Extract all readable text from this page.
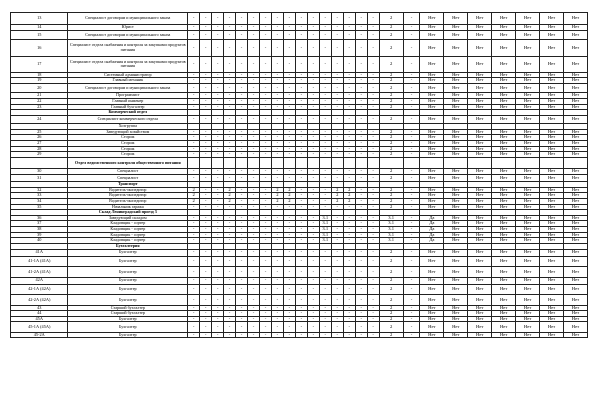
13	Специалист договорам и муниципального заказа	-	-	-	-	-	-	-	-	-	-	-	-	-	-	-	-	2	-	Нет	Нет	Нет	Нет	Нет	Нет	Нет
14	Юрист	-	-	-	-	-	-	-	-	-	-	-	-	-	-	-	-	2	-	Нет	Нет	Нет	Нет	Нет	Нет	Нет
15	Специалист договорам и муниципального заказа	-	-	-	-	-	-	-	-	-	-	-	-	-	-	-	-	2	-	Нет	Нет	Нет	Нет	Нет	Нет	Нет
16	Специалист отдела снабжения и контроля за закупками продуктов питания	-	-	-	-	-	-	-	-	-	-	-	-	-	-	-	-	2	-	Нет	Нет	Нет	Нет	Нет	Нет	Нет
17	Специалист отдела снабжения и контроля за закупками продуктов питания	-	-	-	-	-	-	-	-	-	-	-	-	-	-	-	-	2	-	Нет	Нет	Нет	Нет	Нет	Нет	Нет
18	Системный администратор	-	-	-	-	-	-	-	-	-	-	-	-	-	-	-	-	2	-	Нет	Нет	Нет	Нет	Нет	Нет	Нет
19	Главный механик	-	-	-	-	-	-	-	-	-	-	-	-	-	-	-	-	2	-	Нет	Нет	Нет	Нет	Нет	Нет	Нет
20	Специалист договорам и муниципального заказа	-	-	-	-	-	-	-	-	-	-	-	-	-	-	-	-	2	-	Нет	Нет	Нет	Нет	Нет	Нет	Нет
21	Программист	-	-	-	-	-	-	-	-	-	-	-	-	-	-	-	-	2	-	Нет	Нет	Нет	Нет	Нет	Нет	Нет
22	Главный инженер	-	-	-	-	-	-	-	-	-	-	-	-	-	-	-	-	2	-	Нет	Нет	Нет	Нет	Нет	Нет	Нет
23	Главный бухгалтер	-	-	-	-	-	-	-	-	-	-	-	-	-	-	-	-	2	-	Нет	Нет	Нет	Нет	Нет	Нет	Нет
	Коммерческий отдел																									
24	Специалист коммерческого отдела	-	-	-	-	-	-	-	-	-	-	-	-	-	-	-	-	2	-	Нет	Нет	Нет	Нет	Нет	Нет	Нет
	Хозгруппа																									
25	Заведующий хозяйством	-	-	-	-	-	-	-	-	-	-	-	-	-	-	-	-	2	-	Нет	Нет	Нет	Нет	Нет	Нет	Нет
26	Сторож	-	-	-	-	-	-	-	-	-	-	-	-	-	-	-	-	2	-	Нет	Нет	Нет	Нет	Нет	Нет	Нет
27	Сторож	-	-	-	-	-	-	-	-	-	-	-	-	-	-	-	-	2	-	Нет	Нет	Нет	Нет	Нет	Нет	Нет
28	Сторож	-	-	-	-	-	-	-	-	-	-	-	-	-	-	-	-	2	-	Нет	Нет	Нет	Нет	Нет	Нет	Нет
29	Сторож	-	-	-	-	-	-	-	-	-	-	-	-	-	-	-	-	2	-	Нет	Нет	Нет	Нет	Нет	Нет	Нет
	Отдел ведомственного контроля общественного питания																									
30	Специалист	-	-	-	-	-	-	-	-	-	-	-	-	-	-	-	-	2	-	Нет	Нет	Нет	Нет	Нет	Нет	Нет
31	Специалист	-	-	-	-	-	-	-	-	-	-	-	-	-	-	-	-	2	-	Нет	Нет	Нет	Нет	Нет	Нет	Нет
	Транспорт																									
32	Водитель-экспедитор	2	-	-	2	-	-	-	2	2	-	-	-	2	2	-	-	2	-	Нет	Нет	Нет	Нет	Нет	Нет	Нет
33	Водитель-экспедитор	2	-	-	2	-	-	-	2	2	-	-	-	2	2	-	-	2	-	Нет	Нет	Нет	Нет	Нет	Нет	Нет
34	Водитель-экспедитор	2	-	-	2	-	-	-	2	2	-	-	-	2	2	-	-	2	-	Нет	Нет	Нет	Нет	Нет	Нет	Нет
35	Начальник гаража	-	-	-	-	-	-	-	-	-	-	-	-	-	-	-	-	2	-	Нет	Нет	Нет	Нет	Нет	Нет	Нет
	Склад Ленинградский проезд 3																									
36	Заведующий складом	-	-	-	-	-	-	-	-	-	-	-	3.1	-	-	-	-	3.1	-	Да	Нет	Нет	Нет	Нет	Нет	Нет
37	Кладовщик - сортер	-	-	-	-	-	-	-	-	-	-	-	3.1	-	-	-	-	3.1	-	Да	Нет	Нет	Нет	Нет	Нет	Нет
38	Кладовщик - сортер	-	-	-	-	-	-	-	-	-	-	-	3.1	-	-	-	-	3.1	-	Да	Нет	Нет	Нет	Нет	Нет	Нет
39	Кладовщик - сортер	-	-	-	-	-	-	-	-	-	-	-	3.1	-	-	-	-	3.1	-	Да	Нет	Нет	Нет	Нет	Нет	Нет
40	Кладовщик - сортер	-	-	-	-	-	-	-	-	-	-	-	3.1	-	-	-	-	3.1	-	Да	Нет	Нет	Нет	Нет	Нет	Нет
	Бухгалтерия																									
41А	Бухгалтер	-	-	-	-	-	-	-	-	-	-	-	-	-	-	-	-	2	-	Нет	Нет	Нет	Нет	Нет	Нет	Нет
41-1А (41А)	Бухгалтер	-	-	-	-	-	-	-	-	-	-	-	-	-	-	-	-	2	-	Нет	Нет	Нет	Нет	Нет	Нет	Нет
41-2А (41А)	Бухгалтер	-	-	-	-	-	-	-	-	-	-	-	-	-	-	-	-	2	-	Нет	Нет	Нет	Нет	Нет	Нет	Нет
42А	Бухгалтер	-	-	-	-	-	-	-	-	-	-	-	-	-	-	-	-	2	-	Нет	Нет	Нет	Нет	Нет	Нет	Нет
42-1А (42А)	Бухгалтер	-	-	-	-	-	-	-	-	-	-	-	-	-	-	-	-	2	-	Нет	Нет	Нет	Нет	Нет	Нет	Нет
42-2А (42А)	Бухгалтер	-	-	-	-	-	-	-	-	-	-	-	-	-	-	-	-	2	-	Нет	Нет	Нет	Нет	Нет	Нет	Нет
43	Старший бухгалтер	-	-	-	-	-	-	-	-	-	-	-	-	-	-	-	-	2	-	Нет	Нет	Нет	Нет	Нет	Нет	Нет
44	Старший бухгалтер	-	-	-	-	-	-	-	-	-	-	-	-	-	-	-	-	2	-	Нет	Нет	Нет	Нет	Нет	Нет	Нет
45А	Бухгалтер	-	-	-	-	-	-	-	-	-	-	-	-	-	-	-	-	2	-	Нет	Нет	Нет	Нет	Нет	Нет	Нет
45-1А (45А)	Бухгалтер	-	-	-	-	-	-	-	-	-	-	-	-	-	-	-	-	2	-	Нет	Нет	Нет	Нет	Нет	Нет	Нет
45-2А	Бухгалтер	-	-	-	-	-	-	-	-	-	-	-	-	-	-	-	-	2	-	Нет	Нет	Нет	Нет	Нет	Нет	Нет
